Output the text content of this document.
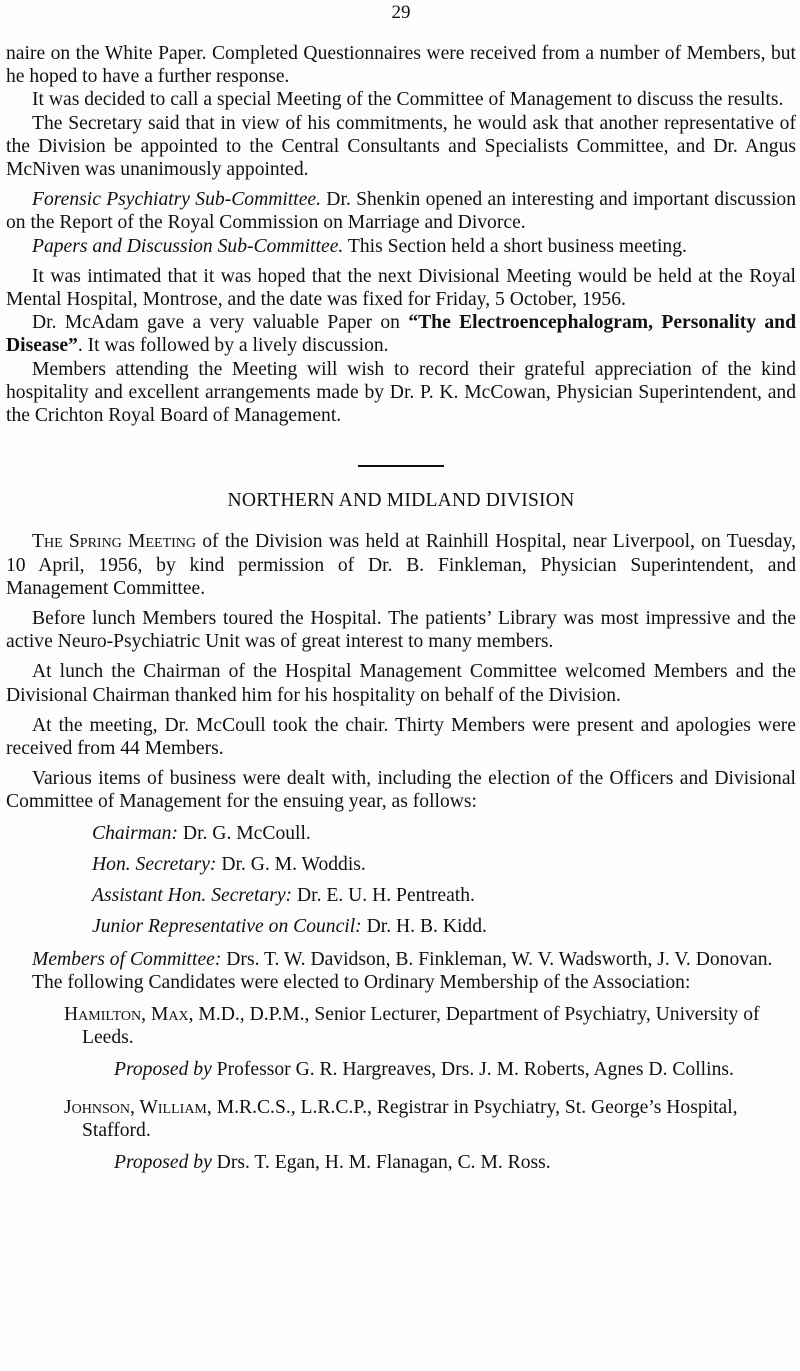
29

naire on the White Paper. Completed Questionnaires were received from a number of Members, but he hoped to have a further response.

It was decided to call a special Meeting of the Committee of Management to discuss the results.

The Secretary said that in view of his commitments, he would ask that another representative of the Division be appointed to the Central Consultants and Specialists Committee, and Dr. Angus McNiven was unanimously appointed.

Forensic Psychiatry Sub-Committee. Dr. Shenkin opened an interesting and important discussion on the Report of the Royal Commission on Marriage and Divorce.

Papers and Discussion Sub-Committee. This Section held a short business meeting.

It was intimated that it was hoped that the next Divisional Meeting would be held at the Royal Mental Hospital, Montrose, and the date was fixed for Friday, 5 October, 1956.

Dr. McAdam gave a very valuable Paper on “The Electroencephalogram, Personality and Disease”. It was followed by a lively discussion.

Members attending the Meeting will wish to record their grateful appreciation of the kind hospitality and excellent arrangements made by Dr. P. K. McCowan, Physician Superintendent, and the Crichton Royal Board of Management.

NORTHERN AND MIDLAND DIVISION

The Spring Meeting of the Division was held at Rainhill Hospital, near Liverpool, on Tuesday, 10 April, 1956, by kind permission of Dr. B. Finkleman, Physician Superintendent, and Management Committee.

Before lunch Members toured the Hospital. The patients’ Library was most impressive and the active Neuro-Psychiatric Unit was of great interest to many members.

At lunch the Chairman of the Hospital Management Committee welcomed Members and the Divisional Chairman thanked him for his hospitality on behalf of the Division.

At the meeting, Dr. McCoull took the chair. Thirty Members were present and apologies were received from 44 Members.

Various items of business were dealt with, including the election of the Officers and Divisional Committee of Management for the ensuing year, as follows:

Chairman: Dr. G. McCoull.
Hon. Secretary: Dr. G. M. Woddis.
Assistant Hon. Secretary: Dr. E. U. H. Pentreath.
Junior Representative on Council: Dr. H. B. Kidd.

Members of Committee: Drs. T. W. Davidson, B. Finkleman, W. V. Wadsworth, J. V. Donovan.

The following Candidates were elected to Ordinary Membership of the Association:

Hamilton, Max, M.D., D.P.M., Senior Lecturer, Department of Psychiatry, University of Leeds.

Proposed by Professor G. R. Hargreaves, Drs. J. M. Roberts, Agnes D. Collins.

Johnson, William, M.R.C.S., L.R.C.P., Registrar in Psychiatry, St. George’s Hospital, Stafford.

Proposed by Drs. T. Egan, H. M. Flanagan, C. M. Ross.
